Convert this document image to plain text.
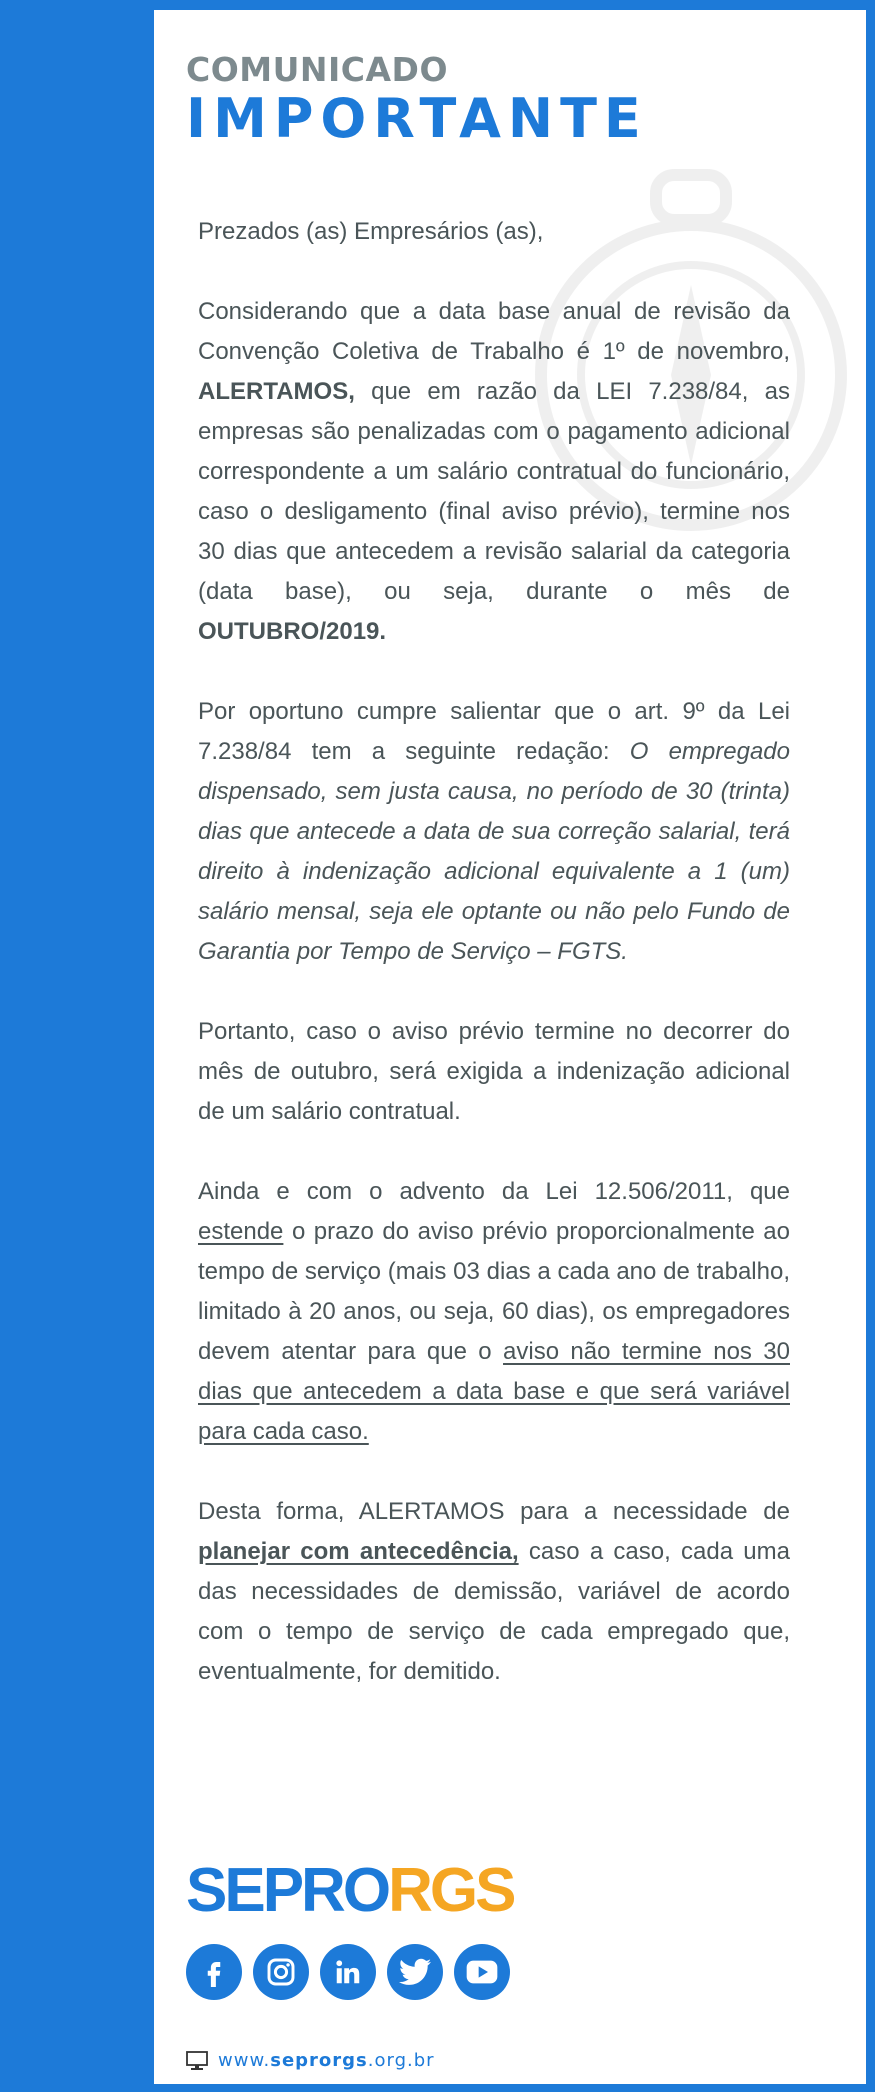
COMUNICADO
IMPORTANTE

Prezados (as) Empresários (as),

Considerando que a data base anual de revisão da Convenção Coletiva de Trabalho é 1º de novembro, ALERTAMOS, que em razão da LEI 7.238/84, as empresas são penalizadas com o pagamento adicional correspondente a um salário contratual do funcionário, caso o desligamento (final aviso prévio), termine nos 30 dias que antecedem a revisão salarial da categoria (data base), ou seja, durante o mês de OUTUBRO/2019.

Por oportuno cumpre salientar que o art. 9º da Lei 7.238/84 tem a seguinte redação: O empregado dispensado, sem justa causa, no período de 30 (trinta) dias que antecede a data de sua correção salarial, terá direito à indenização adicional equivalente a 1 (um) salário mensal, seja ele optante ou não pelo Fundo de Garantia por Tempo de Serviço – FGTS.

Portanto, caso o aviso prévio termine no decorrer do mês de outubro, será exigida a indenização adicional de um salário contratual.

Ainda e com o advento da Lei 12.506/2011, que estende o prazo do aviso prévio proporcionalmente ao tempo de serviço (mais 03 dias a cada ano de trabalho, limitado à 20 anos, ou seja, 60 dias), os empregadores devem atentar para que o aviso não termine nos 30 dias que antecedem a data base e que será variável para cada caso.

Desta forma, ALERTAMOS para a necessidade de planejar com antecedência, caso a caso, cada uma das necessidades de demissão, variável de acordo com o tempo de serviço de cada empregado que, eventualmente, for demitido.

SEPRORGS
www.seprorgs.org.br
